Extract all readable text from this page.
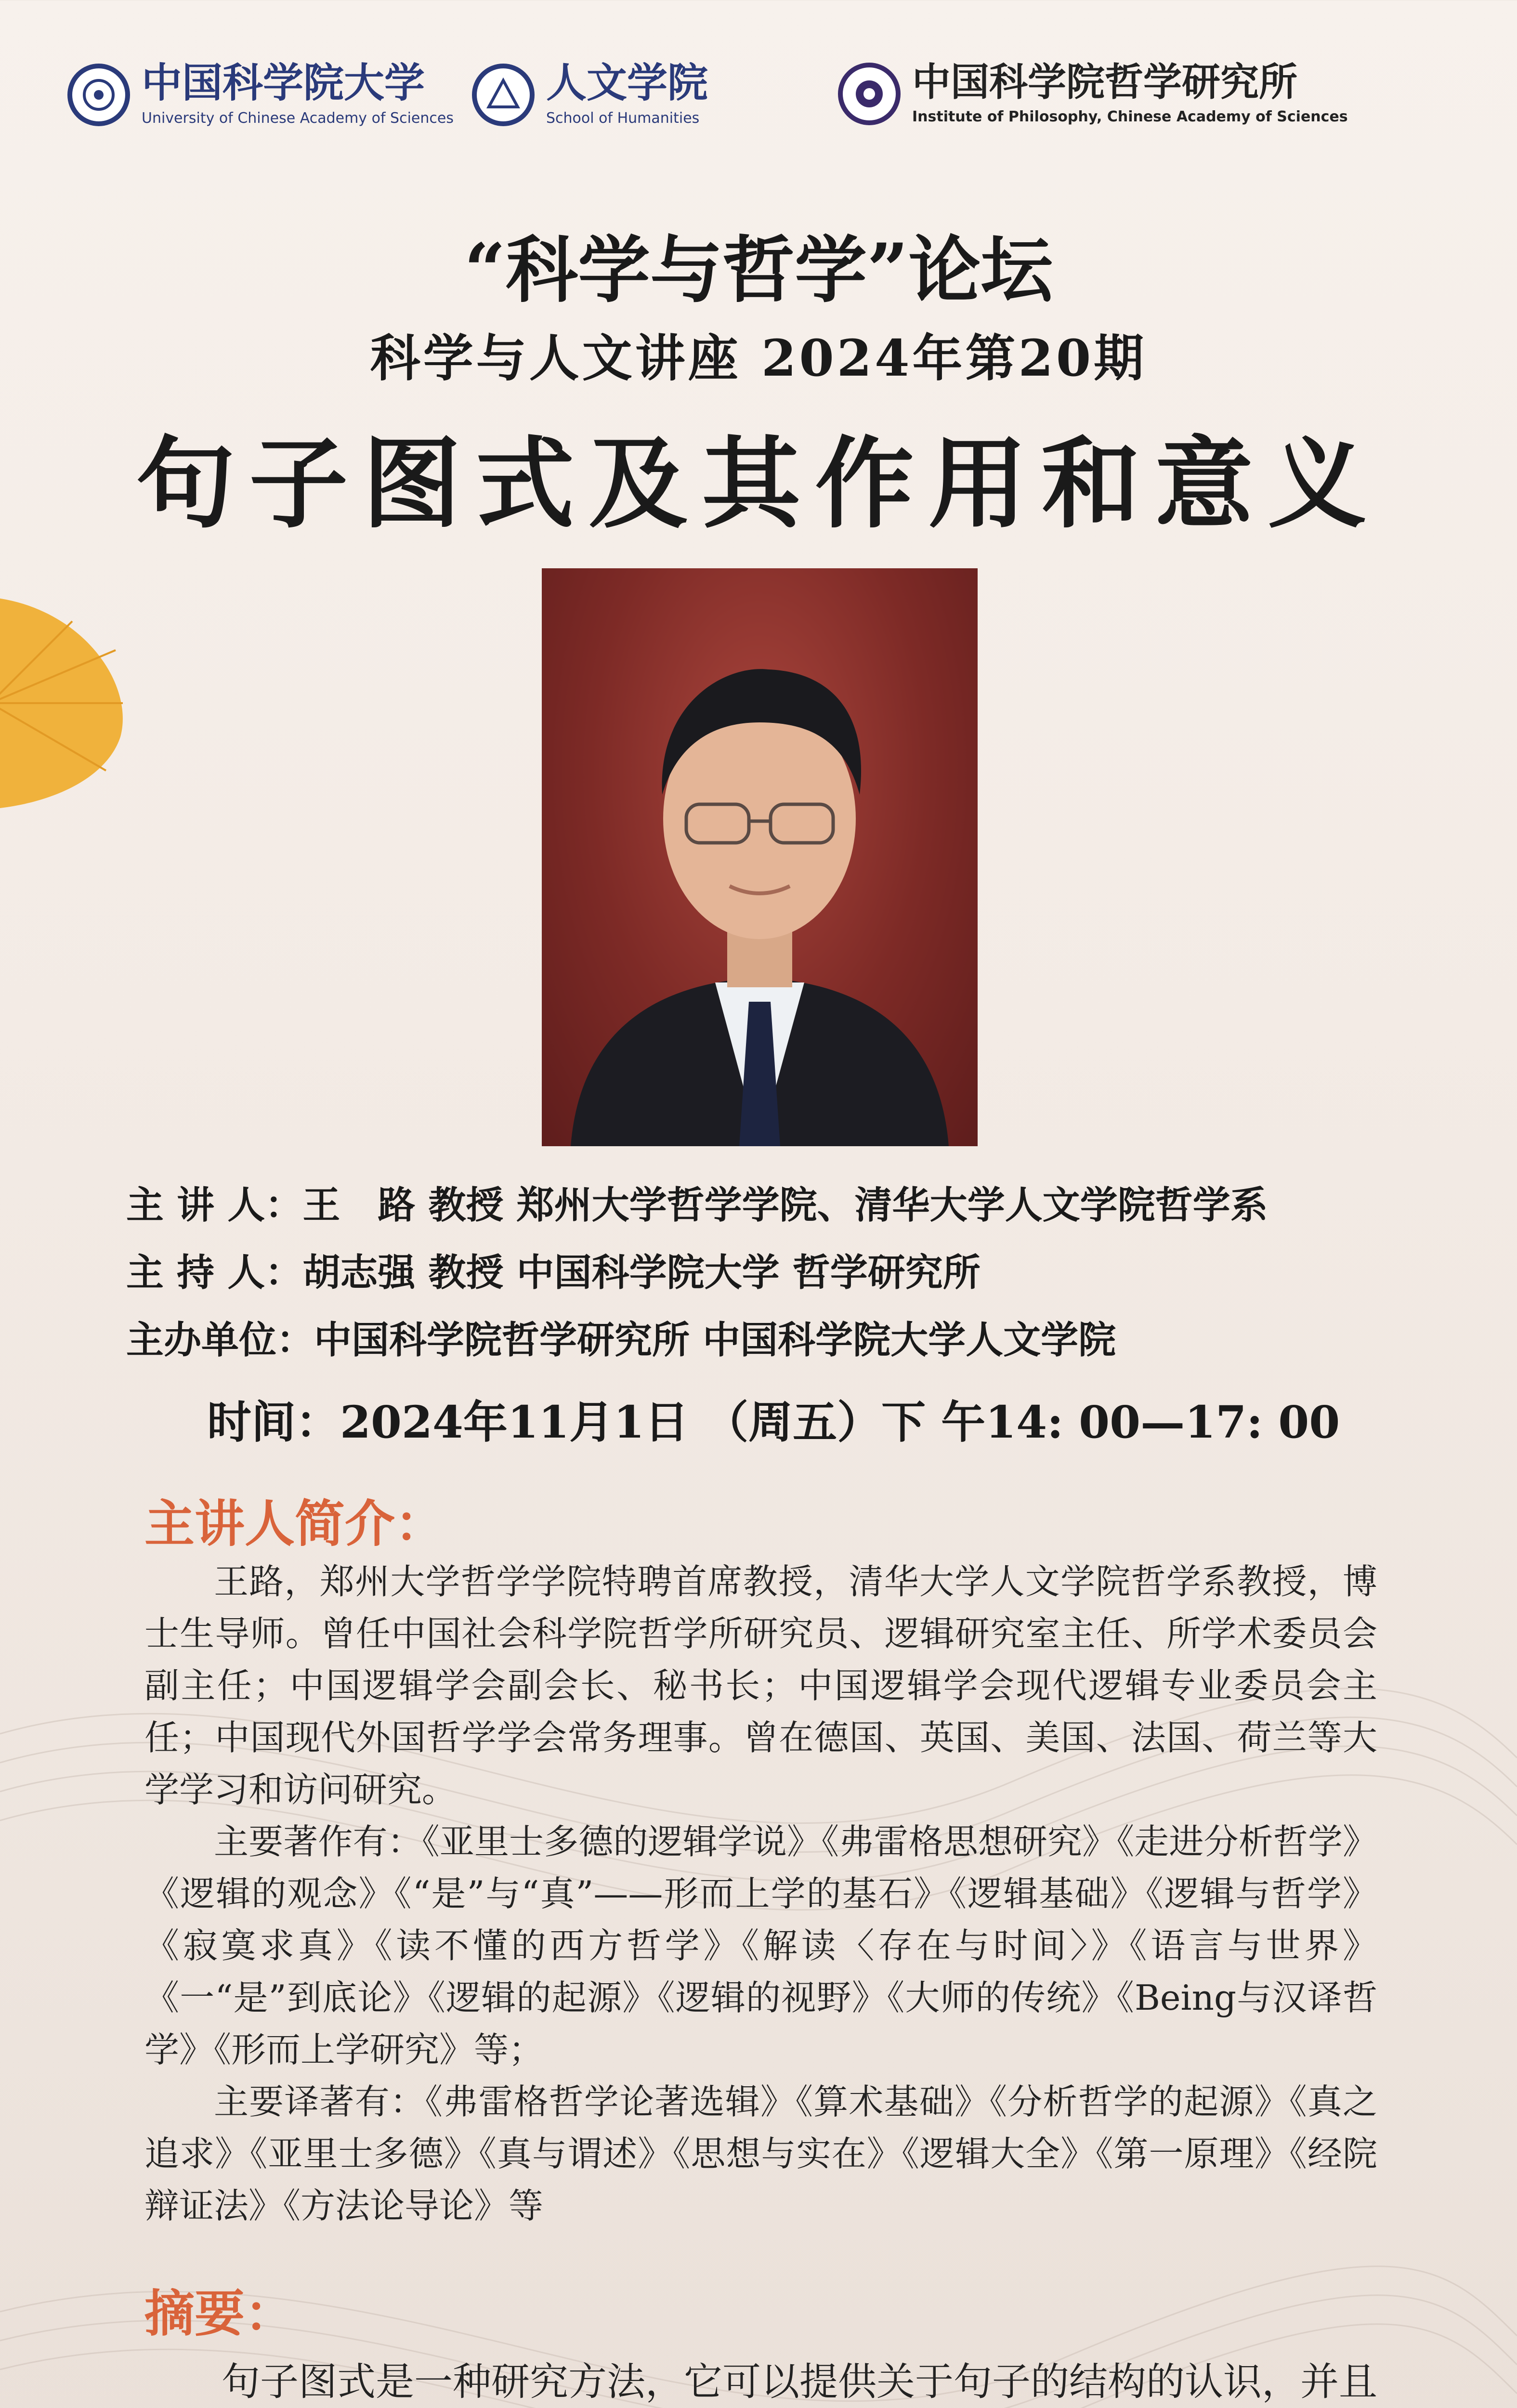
中国科学院大学
University of Chinese Academy of Sciences
人文学院
School of Humanities
中国科学院哲学研究所
Institute of Philosophy, Chinese Academy of Sciences
“科学与哲学”论坛
科学与人文讲座 2024年第20期
句子图式及其作用和意义
主 讲 人：王　路 教授 郑州大学哲学学院、清华大学人文学院哲学系
主 持 人：胡志强 教授 中国科学院大学 哲学研究所
主办单位：中国科学院哲学研究所 中国科学院大学人文学院
时间：2024年11月1日 （周五）下 午14: 00—17: 00
主讲人简介：

王路，郑州大学哲学学院特聘首席教授，清华大学人文学院哲学系教授，博士生导师。曾任中国社会科学院哲学所研究员、逻辑研究室主任、所学术委员会副主任；中国逻辑学会副会长、秘书长；中国逻辑学会现代逻辑专业委员会主任；中国现代外国哲学学会常务理事。曾在德国、英国、美国、法国、荷兰等大学学习和访问研究。

主要著作有：《亚里士多德的逻辑学说》《弗雷格思想研究》《走进分析哲学》《逻辑的观念》《“是”与“真”——形而上学的基石》《逻辑基础》《逻辑与哲学》《寂寞求真》《读不懂的西方哲学》《解读〈存在与时间〉》《语言与世界》《一“是”到底论》《逻辑的起源》《逻辑的视野》《大师的传统》《Being与汉译哲学》《形而上学研究》等；

主要译著有：《弗雷格哲学论著选辑》《算术基础》《分析哲学的起源》《真之追求》《亚里士多德》《真与谓述》《思想与实在》《逻辑大全》《第一原理》《经院辩证法》《方法论导论》等

摘要：

句子图式是一种研究方法，它可以提供关于句子的结构的认识，并且
